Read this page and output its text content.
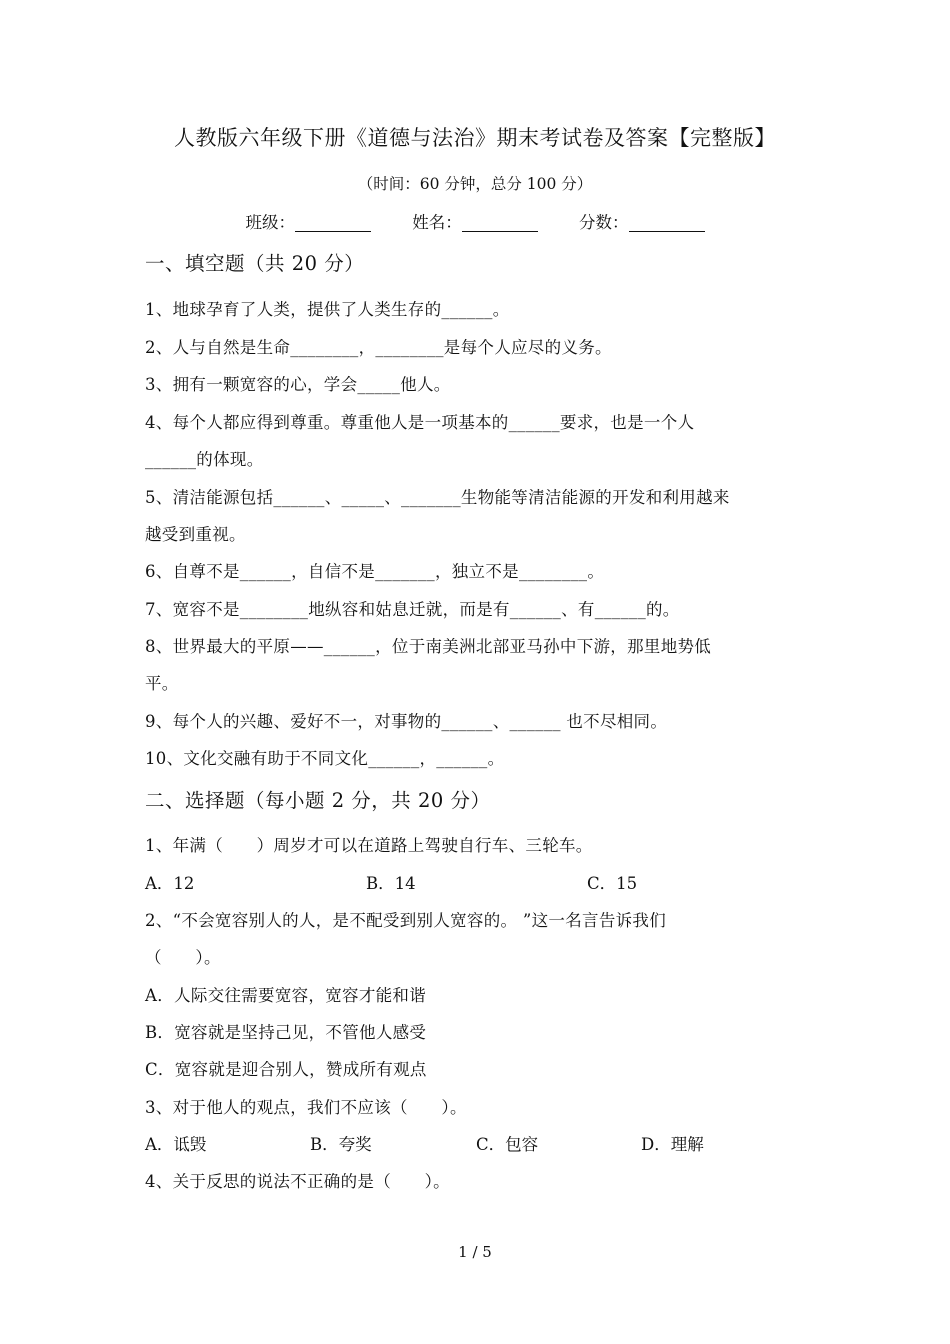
人教版六年级下册《道德与法治》期末考试卷及答案【完整版】
（时间：60 分钟，总分 100 分）
班级：	姓名：	分数：
一、填空题（共 20 分）
1、地球孕育了人类，提供了人类生存的______。
2、人与自然是生命________，________是每个人应尽的义务。
3、拥有一颗宽容的心，学会_____他人。
4、每个人都应得到尊重。尊重他人是一项基本的______要求，也是一个人
______的体现。
5、清洁能源包括______、_____、_______生物能等清洁能源的开发和利用越来
越受到重视。
6、自尊不是______，自信不是_______，独立不是________。
7、宽容不是________地纵容和姑息迁就，而是有______、有______的。
8、世界最大的平原——______，位于南美洲北部亚马孙中下游，那里地势低
平。
9、每个人的兴趣、爱好不一，对事物的______、______ 也不尽相同。
10、文化交融有助于不同文化______，______。
二、选择题（每小题 2 分，共 20 分）
1、年满（　　）周岁才可以在道路上驾驶自行车、三轮车。
A．12	B．14	C．15
2、“不会宽容别人的人，是不配受到别人宽容的。 ”这一名言告诉我们
（　　）。
A．人际交往需要宽容，宽容才能和谐
B．宽容就是坚持己见，不管他人感受
C．宽容就是迎合别人，赞成所有观点
3、对于他人的观点，我们不应该（　　）。
A．诋毁	B．夸奖	C．包容	D．理解
4、关于反思的说法不正确的是（　　）。
1 / 5
